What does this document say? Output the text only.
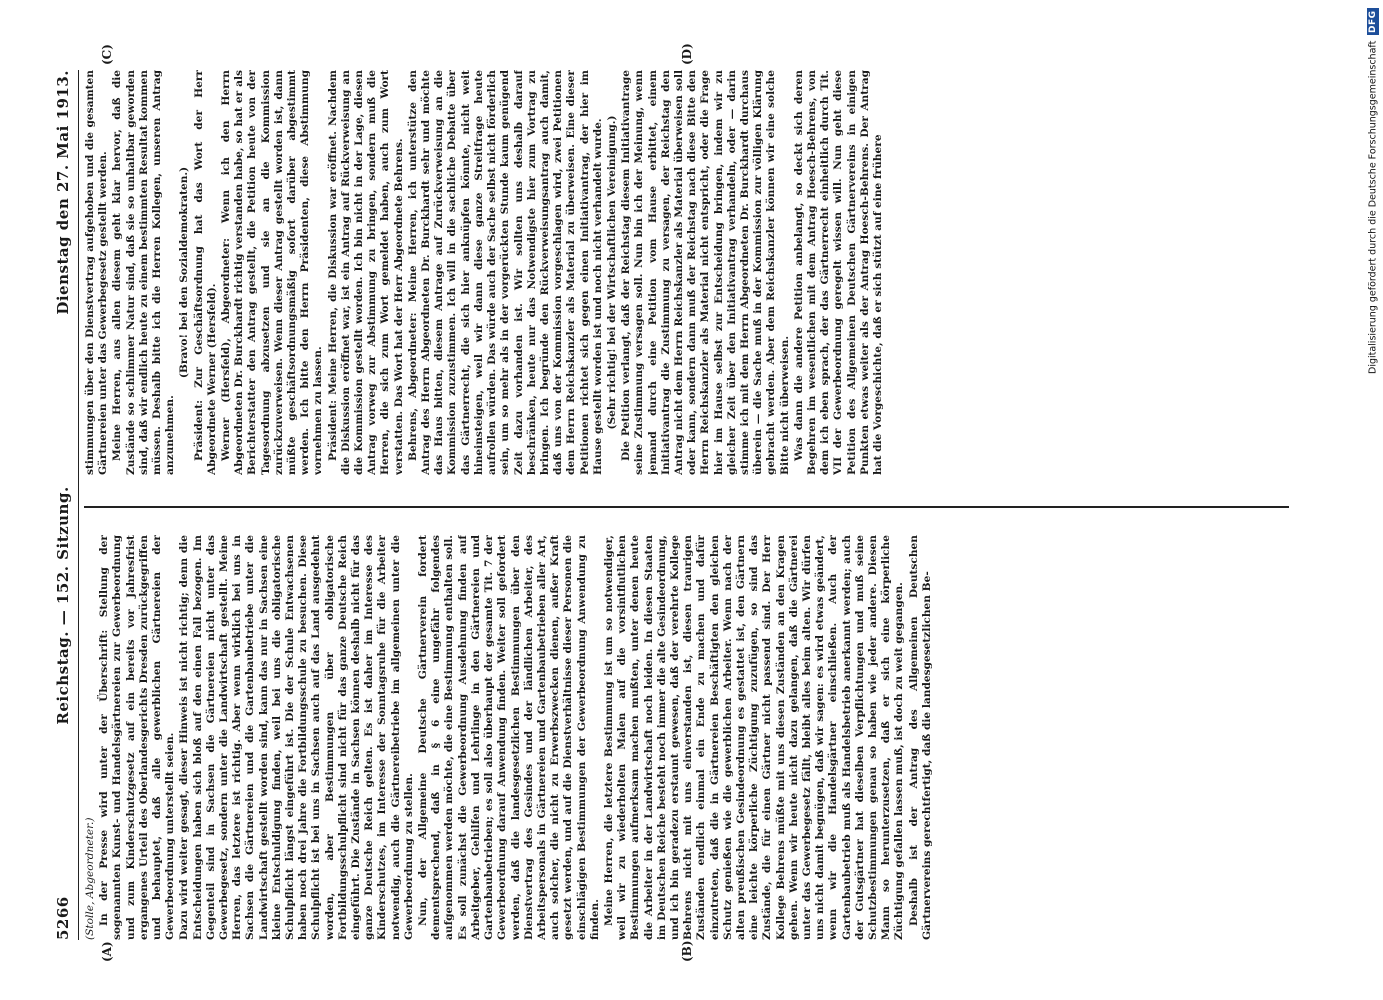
5266
Reichstag. — 152. Sitzung.
Dienstag den 27. Mai 1913.
(A)	(B)
(C)	(D)

(Stolle, Abgeordneter.) In der Presse wird unter der Überschrift: Stellung der sogenannten Kunst- und Handelsgärtnereien zur Gewerbeordnung und zum Kinderschutzgesetz auf ein bereits vor Jahresfrist ergangenes Urteil des Oberlandesgerichts Dresden zurückgegriffen und behauptet, daß alle gewerblichen Gärtnereien der Gewerbeordnung unterstellt seien. Dazu wird weiter gesagt, dieser Hinweis ist nicht richtig; denn die Entscheidungen haben sich bloß auf den einen Fall bezogen. Im Gegenteil sind in Sachsen die Gärtnereien nicht unter das Gewerbegesetz, sondern unter die Landwirtschaft gestellt. Meine Herren, das letztere ist richtig. Aber wenn wirklich bei uns in Sachsen die Gärtnereien und die Gartenbaubetriebe unter die Landwirtschaft gestellt worden sind, kann das nur in Sachsen eine kleine Entschuldigung finden, weil bei uns die obligatorische Schulpflicht längst eingeführt ist. Die der Schule Entwachsenen haben noch drei Jahre die Fortbildungsschule zu besuchen. Diese Schulpflicht ist bei uns in Sachsen auch auf das Land ausgedehnt worden, aber Bestimmungen über obligatorische Fortbildungsschulpflicht sind nicht für das ganze Deutsche Reich eingeführt. Die Zustände in Sachsen können deshalb nicht für das ganze Deutsche Reich gelten. Es ist daher im Interesse des Kinderschutzes, im Interesse der Sonntagsruhe für die Arbeiter notwendig, auch die Gärtnereibetriebe im allgemeinen unter die Gewerbeordnung zu stellen. Nun, der Allgemeine Deutsche Gärtnerverein fordert dementsprechend, daß in § 6 eine ungefähr folgendes aufgenommen werden möchte, die eine Bestimmung enthalten soll. Es soll zunächst die Gewerbeordnung Ausdehnung finden auf Arbeitgeber, Gehilfen und Lehrlinge in den Gärtnereien und Gartenbaubetrieben; es soll also überhaupt der gesamte Tit. 7 der Gewerbeordnung darauf Anwendung finden. Weiter soll gefordert werden, daß die landesgesetzlichen Bestimmungen über den Dienstvertrag des Gesindes und der ländlichen Arbeiter, des Arbeitspersonals in Gärtnereien und Gartenbaubetrieben aller Art, auch solcher, die nicht zu Erwerbszwecken dienen, außer Kraft gesetzt werden, und auf die Dienstverhältnisse dieser Personen die einschlägigen Bestimmungen der Gewerbeordnung Anwendung zu finden. Meine Herren, die letztere Bestimmung ist um so notwendiger, weil wir zu wiederholten Malen auf die vorsintflutlichen Bestimmungen aufmerksam machen mußten, unter denen heute die Arbeiter in der Landwirtschaft noch leiden. In diesen Staaten im Deutschen Reiche besteht noch immer die alte Gesindeordnung, und ich bin geradezu erstaunt gewesen, daß der verehrte Kollege Behrens nicht mit uns einverstanden ist, diesen traurigen Zuständen endlich einmal ein Ende zu machen und dafür einzutreten, daß die in Gärtnereien Beschäftigten den gleichen Schutz genießen wie die gewerblichen Arbeiter. Wenn nach der alten preußischen Gesindeordnung es gestattet ist, den Gärtnern eine leichte körperliche Züchtigung zuzufügen, so sind das Zustände, die für einen Gärtner nicht passend sind. Der Herr Kollege Behrens müßte mit uns diesen Zuständen an den Kragen gehen. Wenn wir heute nicht dazu gelangen, daß die Gärtnerei unter das Gewerbegesetz fällt, bleibt alles beim alten. Wir dürfen uns nicht damit begnügen, daß wir sagen: es wird etwas geändert, wenn wir die Handelsgärtner einschließen. Auch der Gartenbaubetrieb muß als Handelsbetrieb anerkannt werden; auch der Gutsgärtner hat dieselben Verpflichtungen und muß seine Schutzbestimmungen genau so haben wie jeder andere. Diesen Mann so herunterzusetzen, daß er sich eine körperliche Züchtigung gefallen lassen muß, ist doch zu weit gegangen. Deshalb ist der Antrag des Allgemeinen Deutschen Gärtnervereins gerechtfertigt, daß die landesgesetzlichen Be-

stimmungen über den Dienstvertrag aufgehoben und die gesamten Gärtnereien unter das Gewerbegesetz gestellt werden. Meine Herren, aus allen diesem geht klar hervor, daß die Zustände so schlimmer Natur sind, daß sie so unhaltbar geworden sind, daß wir endlich heute zu einem bestimmten Resultat kommen müssen. Deshalb bitte ich die Herren Kollegen, unseren Antrag anzunehmen.

(Bravo! bei den Sozialdemokraten.) Präsident: Zur Geschäftsordnung hat das Wort der Herr Abgeordnete Werner (Hersfeld). Werner (Hersfeld), Abgeordneter: Wenn ich den Herrn Abgeordneten Dr. Burckhardt richtig verstanden habe, so hat er als Berichterstatter den Antrag gestellt, die Petition heute von der Tagesordnung abzusetzen und sie an die Kommission zurückzuverweisen. Wenn dieser Antrag gestellt worden ist, dann müßte geschäftsordnungsmäßig sofort darüber abgestimmt werden. Ich bitte den Herrn Präsidenten, diese Abstimmung vornehmen zu lassen. Präsident: Meine Herren, die Diskussion war eröffnet. Nachdem die Diskussion eröffnet war, ist ein Antrag auf Rückverweisung an die Kommission gestellt worden. Ich bin nicht in der Lage, diesen Antrag vorweg zur Abstimmung zu bringen, sondern muß die Herren, die sich zum Wort gemeldet haben, auch zum Wort verstatten. Das Wort hat der Herr Abgeordnete Behrens. Behrens, Abgeordneter: Meine Herren, ich unterstütze den Antrag des Herrn Abgeordneten Dr. Burckhardt sehr und möchte das Haus bitten, diesem Antrage auf Zurückverweisung an die Kommission zuzustimmen. Ich will in die sachliche Debatte über das Gärtnerrecht, die sich hier anknüpfen könnte, nicht weit hineinsteigen, weil wir dann diese ganze Streitfrage heute aufrollen würden. Das würde auch der Sache selbst nicht förderlich sein, um so mehr als in der vorgerückten Stunde kaum genügend Zeit dazu vorhanden ist. Wir sollten uns deshalb darauf beschränken, heute nur das Notwendigste hier zum Vortrag zu bringen. Ich begründe den Rückverweisungsantrag auch damit, daß uns von der Kommission vorgeschlagen wird, zwei Petitionen dem Herrn Reichskanzler als Material zu überweisen. Eine dieser Petitionen richtet sich gegen einen Initiativantrag, der hier im Hause gestellt worden ist und noch nicht verhandelt wurde. (Sehr richtig! bei der Wirtschaftlichen Vereinigung.) Die Petition verlangt, daß der Reichstag diesem Initiativantrage seine Zustimmung versagen soll. Nun bin ich der Meinung, wenn jemand durch eine Petition vom Hause erbittet, einem Initiativantrag die Zustimmung zu versagen, der Reichstag den Antrag nicht dem Herrn Reichskanzler als Material überweisen soll oder kann, sondern dann muß der Reichstag nach diese Bitte den Herrn Reichskanzler als Material nicht entspricht, oder die Frage hier im Hause selbst zur Entscheidung bringen, indem wir zu gleicher Zeit über den Initiativantrag verhandeln, oder — darin stimme ich mit dem Herrn Abgeordneten Dr. Burckhardt durchaus überein — die Sache muß in der Kommission zur völligen Klärung gebracht werden. Aber dem Reichskanzler können wir eine solche Bitte nicht überweisen. Was dann die andere Petition anbelangt, so deckt sich deren Begehren im wesentlichen mit dem Antrag Hoesch-Behrens, von dem ich eben sprach, der das Gärtnerrecht einheitlich durch Tit. VII der Gewerbeordnung geregelt wissen will. Nun geht diese Petition des Allgemeinen Deutschen Gärtnervereins in einigen Punkten etwas weiter als der Antrag Hoesch-Behrens. Der Antrag hat die Vorgeschichte, daß er sich stützt auf eine frühere	Digitalisierung gefördert durch die Deutsche Forschungsgemeinschaft
DFG
